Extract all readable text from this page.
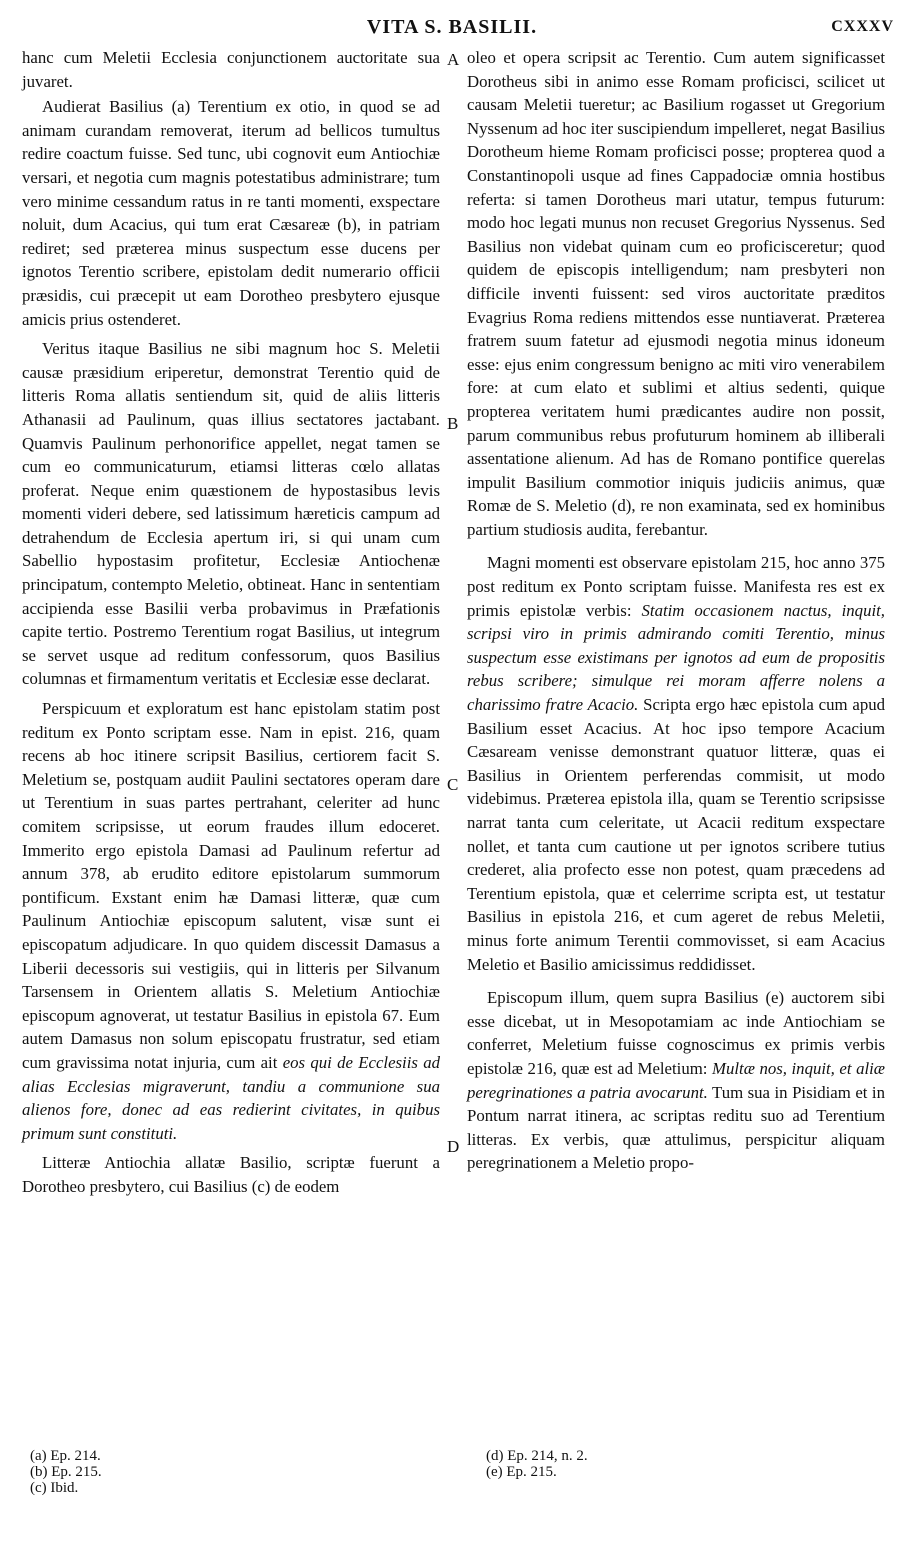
VITA S. BASILII.	CXXXV
A
B
C
D

hanc cum Meletii Ecclesia conjunctionem auctoritate sua juvaret.

Audierat Basilius (a) Terentium ex otio, in quod se ad animam curandam removerat, iterum ad bellicos tumultus redire coactum fuisse. Sed tunc, ubi cognovit eum Antiochiæ versari, et negotia cum magnis potestatibus administrare; tum vero minime cessandum ratus in re tanti momenti, exspectare noluit, dum Acacius, qui tum erat Cæsareæ (b), in patriam rediret; sed præterea minus suspectum esse ducens per ignotos Terentio scribere, epistolam dedit numerario officii præsidis, cui præcepit ut eam Dorotheo presbytero ejusque amicis prius ostenderet.

Veritus itaque Basilius ne sibi magnum hoc S. Meletii causæ præsidium eriperetur, demonstrat Terentio quid de litteris Roma allatis sentiendum sit, quid de aliis litteris Athanasii ad Paulinum, quas illius sectatores jactabant. Quamvis Paulinum perhonorifice appellet, negat tamen se cum eo communicaturum, etiamsi litteras cœlo allatas proferat. Neque enim quæstionem de hypostasibus levis momenti videri debere, sed latissimum hæreticis campum ad detrahendum de Ecclesia apertum iri, si qui unam cum Sabellio hypostasim profitetur, Ecclesiæ Antiochenæ principatum, contempto Meletio, obtineat. Hanc in sententiam accipienda esse Basilii verba probavimus in Præfationis capite tertio. Postremo Terentium rogat Basilius, ut integrum se servet usque ad reditum confessorum, quos Basilius columnas et firmamentum veritatis et Ecclesiæ esse declarat.

Perspicuum et exploratum est hanc epistolam statim post reditum ex Ponto scriptam esse. Nam in epist. 216, quam recens ab hoc itinere scripsit Basilius, certiorem facit S. Meletium se, postquam audiit Paulini sectatores operam dare ut Terentium in suas partes pertrahant, celeriter ad hunc comitem scripsisse, ut eorum fraudes illum edoceret. Immerito ergo epistola Damasi ad Paulinum refertur ad annum 378, ab erudito editore epistolarum summorum pontificum. Exstant enim hæ Damasi litteræ, quæ cum Paulinum Antiochiæ episcopum salutent, visæ sunt ei episcopatum adjudicare. In quo quidem discessit Damasus a Liberii decessoris sui vestigiis, qui in litteris per Silvanum Tarsensem in Orientem allatis S. Meletium Antiochiæ episcopum agnoverat, ut testatur Basilius in epistola 67. Eum autem Damasus non solum episcopatu frustratur, sed etiam cum gravissima notat injuria, cum ait eos qui de Ecclesiis ad alias Ecclesias migraverunt, tandiu a communione sua alienos fore, donec ad eas redierint civitates, in quibus primum sunt constituti.

Litteræ Antiochia allatæ Basilio, scriptæ fuerunt a Dorotheo presbytero, cui Basilius (c) de eodem

oleo et opera scripsit ac Terentio. Cum autem significasset Dorotheus sibi in animo esse Romam proficisci, scilicet ut causam Meletii tueretur; ac Basilium rogasset ut Gregorium Nyssenum ad hoc iter suscipiendum impelleret, negat Basilius Dorotheum hieme Romam proficisci posse; propterea quod a Constantinopoli usque ad fines Cappadociæ omnia hostibus referta: si tamen Dorotheus mari utatur, tempus futurum: modo hoc legati munus non recuset Gregorius Nyssenus. Sed Basilius non videbat quinam cum eo proficisceretur; quod quidem de episcopis intelligendum; nam presbyteri non difficile inventi fuissent: sed viros auctoritate præditos Evagrius Roma rediens mittendos esse nuntiaverat. Præterea fratrem suum fatetur ad ejusmodi negotia minus idoneum esse: ejus enim congressum benigno ac miti viro venerabilem fore: at cum elato et sublimi et altius sedenti, quique propterea veritatem humi prædicantes audire non possit, parum communibus rebus profuturum hominem ab illiberali assentatione alienum. Ad has de Romano pontifice querelas impulit Basilium commotior iniquis judiciis animus, quæ Romæ de S. Meletio (d), re non examinata, sed ex hominibus partium studiosis audita, ferebantur.

Magni momenti est observare epistolam 215, hoc anno 375 post reditum ex Ponto scriptam fuisse. Manifesta res est ex primis epistolæ verbis: Statim occasionem nactus, inquit, scripsi viro in primis admirando comiti Terentio, minus suspectum esse existimans per ignotos ad eum de propositis rebus scribere; simulque rei moram afferre nolens a charissimo fratre Acacio. Scripta ergo hæc epistola cum apud Basilium esset Acacius. At hoc ipso tempore Acacium Cæsaream venisse demonstrant quatuor litteræ, quas ei Basilius in Orientem perferendas commisit, ut modo videbimus. Præterea epistola illa, quam se Terentio scripsisse narrat tanta cum celeritate, ut Acacii reditum exspectare nollet, et tanta cum cautione ut per ignotos scribere tutius crederet, alia profecto esse non potest, quam præcedens ad Terentium epistola, quæ et celerrime scripta est, ut testatur Basilius in epistola 216, et cum ageret de rebus Meletii, minus forte animum Terentii commovisset, si eam Acacius Meletio et Basilio amicissimus reddidisset.

Episcopum illum, quem supra Basilius (e) auctorem sibi esse dicebat, ut in Mesopotamiam ac inde Antiochiam se conferret, Meletium fuisse cognoscimus ex primis verbis epistolæ 216, quæ est ad Meletium: Multæ nos, inquit, et aliæ peregrinationes a patria avocarunt. Tum sua in Pisidiam et in Pontum narrat itinera, ac scriptas reditu suo ad Terentium litteras. Ex verbis, quæ attulimus, perspicitur aliquam peregrinationem a Meletio propo-

(a) Ep. 214.
(b) Ep. 215.
(c) Ibid.
(d) Ep. 214, n. 2.
(e) Ep. 215.
